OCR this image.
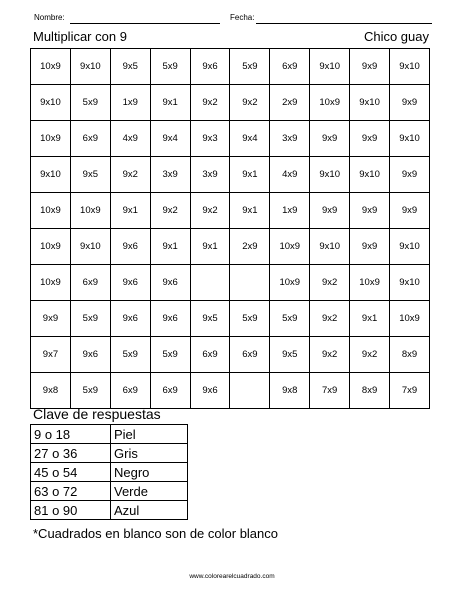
Nombre:	Fecha:
Multiplicar con 9	Chico guay
10x9	9x10	9x5	5x9	9x6	5x9	6x9	9x10	9x9	9x10
9x10	5x9	1x9	9x1	9x2	9x2	2x9	10x9	9x10	9x9
10x9	6x9	4x9	9x4	9x3	9x4	3x9	9x9	9x9	9x10
9x10	9x5	9x2	3x9	3x9	9x1	4x9	9x10	9x10	9x9
10x9	10x9	9x1	9x2	9x2	9x1	1x9	9x9	9x9	9x9
10x9	9x10	9x6	9x1	9x1	2x9	10x9	9x10	9x9	9x10
10x9	6x9	9x6	9x6			10x9	9x2	10x9	9x10
9x9	5x9	9x6	9x6	9x5	5x9	5x9	9x2	9x1	10x9
9x7	9x6	5x9	5x9	6x9	6x9	9x5	9x2	9x2	8x9
9x8	5x9	6x9	6x9	9x6		9x8	7x9	8x9	7x9
Clave de respuestas
9 o 18	Piel
27 o 36	Gris
45 o 54	Negro
63 o 72	Verde
81 o 90	Azul
*Cuadrados en blanco son de color blanco
www.colorearelcuadrado.com
